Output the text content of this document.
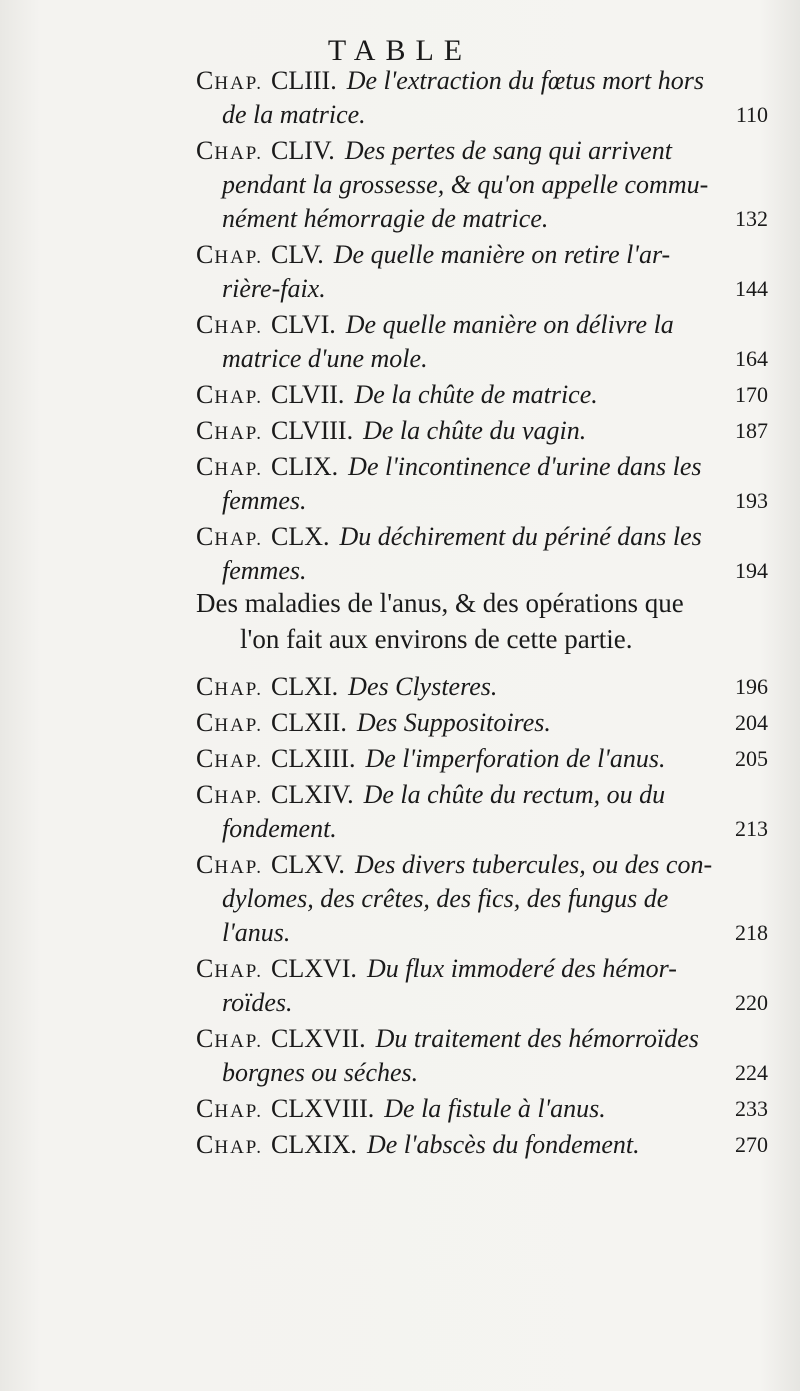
TABLE
CHAP. CLIII. De l'extraction du fœtus mort hors
de la matrice.	110
CHAP. CLIV. Des pertes de sang qui arrivent
pendant la grossesse, & qu'on appelle commu-
nément hémorragie de matrice.	132
CHAP. CLV. De quelle manière on retire l'ar-
rière-faix.	144
CHAP. CLVI. De quelle manière on délivre la
matrice d'une mole.	164
CHAP. CLVII. De la chûte de matrice.	170
CHAP. CLVIII. De la chûte du vagin.	187
CHAP. CLIX. De l'incontinence d'urine dans les
femmes.	193
CHAP. CLX. Du déchirement du périné dans les
femmes.	194
Des maladies de l'anus, & des opérations que
l'on fait aux environs de cette partie.
CHAP. CLXI. Des Clysteres.	196
CHAP. CLXII. Des Suppositoires.	204
CHAP. CLXIII. De l'imperforation de l'anus.	205
CHAP. CLXIV. De la chûte du rectum, ou du
fondement.	213
CHAP. CLXV. Des divers tubercules, ou des con-
dylomes, des crêtes, des fics, des fungus de
l'anus.	218
CHAP. CLXVI. Du flux immoderé des hémor-
roïdes.	220
CHAP. CLXVII. Du traitement des hémorroïdes
borgnes ou séches.	224
CHAP. CLXVIII. De la fistule à l'anus.	233
CHAP. CLXIX. De l'abscès du fondement.	270
